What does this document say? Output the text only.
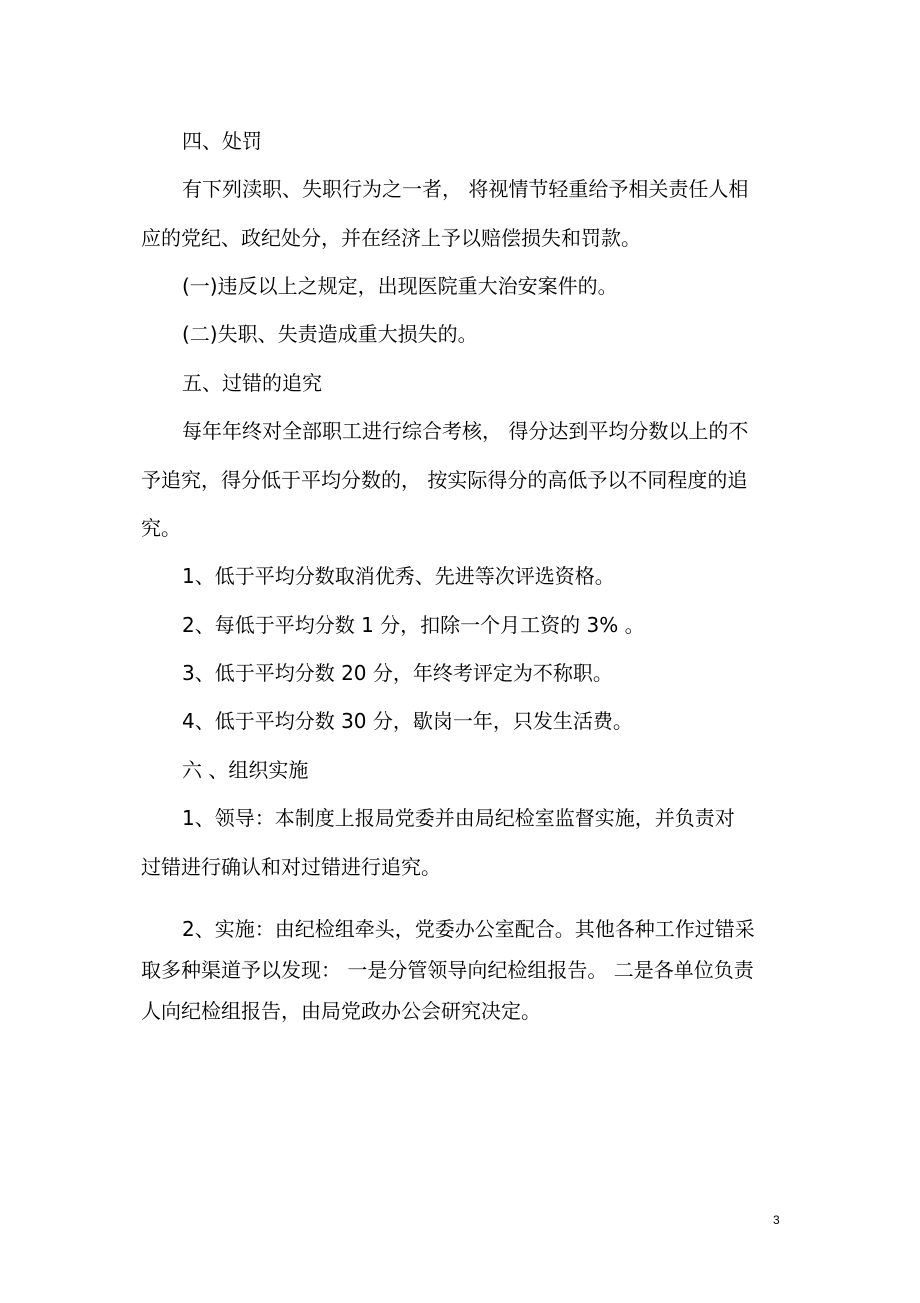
四、处罚
有下列渎职、失职行为之一者， 将视情节轻重给予相关责任人相
应的党纪、政纪处分，并在经济上予以赔偿损失和罚款。
(一)违反以上之规定，出现医院重大治安案件的。
(二)失职、失责造成重大损失的。
五、过错的追究
每年年终对全部职工进行综合考核， 得分达到平均分数以上的不
予追究，得分低于平均分数的， 按实际得分的高低予以不同程度的追
究。
1、低于平均分数取消优秀、先进等次评选资格。
2、每低于平均分数 1 分，扣除一个月工资的 3% 。
3、低于平均分数 20 分，年终考评定为不称职。
4、低于平均分数 30 分，歇岗一年，只发生活费。
六 、组织实施
1、领导：本制度上报局党委并由局纪检室监督实施，并负责对
过错进行确认和对过错进行追究。
2、实施：由纪检组牵头，党委办公室配合。其他各种工作过错采
取多种渠道予以发现： 一是分管领导向纪检组报告。 二是各单位负责
人向纪检组报告，由局党政办公会研究决定。
3
